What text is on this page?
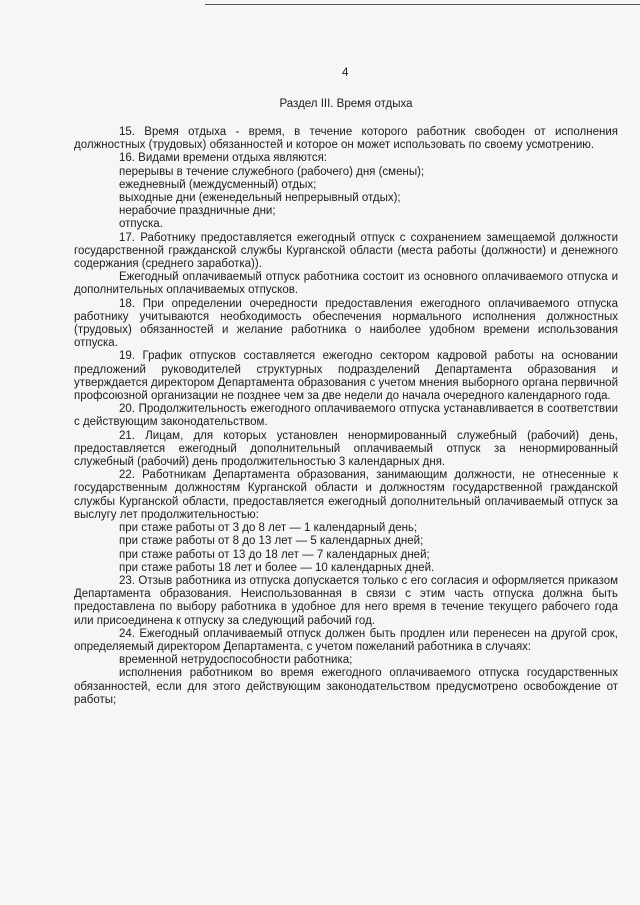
4
Раздел III. Время отдыха

15. Время отдыха - время, в течение которого работник свободен от исполнения должностных (трудовых) обязанностей и которое он может использовать по своему усмотрению.

16. Видами времени отдыха являются:

перерывы в течение служебного (рабочего) дня (смены);

ежедневный (междусменный) отдых;

выходные дни (еженедельный непрерывный отдых);

нерабочие праздничные дни;

отпуска.

17. Работнику предоставляется ежегодный отпуск с сохранением замещаемой должности государственной гражданской службы Курганской области (места работы (должности) и денежного содержания (среднего заработка)).

Ежегодный оплачиваемый отпуск работника состоит из основного оплачиваемого отпуска и дополнительных оплачиваемых отпусков.

18. При определении очередности предоставления ежегодного оплачиваемого отпуска работнику учитываются необходимость обеспечения нормального исполнения должностных (трудовых) обязанностей и желание работника о наиболее удобном времени использования отпуска.

19. График отпусков составляется ежегодно сектором кадровой работы на основании предложений руководителей структурных подразделений Департамента образования и утверждается директором Департамента образования с учетом мнения выборного органа первичной профсоюзной организации не позднее чем за две недели до начала очередного календарного года.

20. Продолжительность ежегодного оплачиваемого отпуска устанавливается в соответствии с действующим законодательством.

21. Лицам, для которых установлен ненормированный служебный (рабочий) день, предоставляется ежегодный дополнительный оплачиваемый отпуск за ненормированный служебный (рабочий) день продолжительностью 3 календарных дня.

22. Работникам Департамента образования, занимающим должности, не отнесенные к государственным должностям Курганской области и должностям государственной гражданской службы Курганской области, предоставляется ежегодный дополнительный оплачиваемый отпуск за выслугу лет продолжительностью:

при стаже работы от 3 до 8 лет — 1 календарный день;

при стаже работы от 8 до 13 лет — 5 календарных дней;

при стаже работы от 13 до 18 лет — 7 календарных дней;

при стаже работы 18 лет и более — 10 календарных дней.

23. Отзыв работника из отпуска допускается только с его согласия и оформляется приказом Департамента образования. Неиспользованная в связи с этим часть отпуска должна быть предоставлена по выбору работника в удобное для него время в течение текущего рабочего года или присоединена к отпуску за следующий рабочий год.

24. Ежегодный оплачиваемый отпуск должен быть продлен или перенесен на другой срок, определяемый директором Департамента, с учетом пожеланий работника в случаях:

временной нетрудоспособности работника;

исполнения работником во время ежегодного оплачиваемого отпуска государственных обязанностей, если для этого действующим законодательством предусмотрено освобождение от работы;
